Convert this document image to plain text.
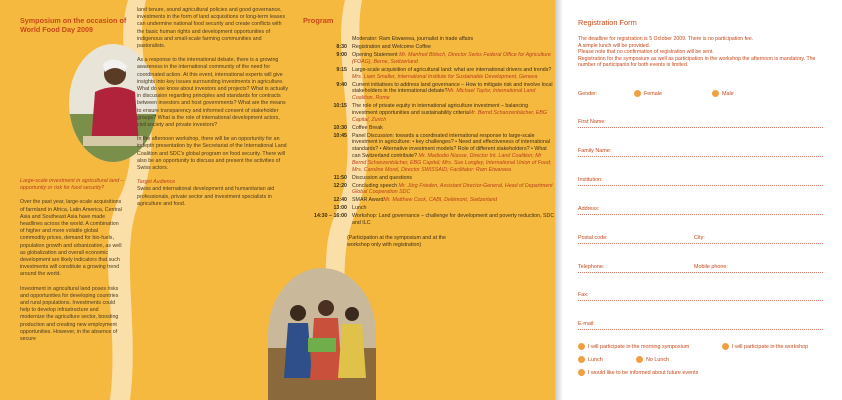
Symposium on the occasion of World Food Day 2009

Large-scale investment in agricultural land – opportunity or risk for food security?

Over the past year, large-scale acquisitions of farmland in Africa, Latin America, Central Asia and Southeast Asia have made headlines across the world. A combination of higher and more volatile global commodity prices, demand for bio-fuels, population growth and urbanization, as well as globalization and overall economic development are likely indicators that such investments will constitute a growing trend around the world.

Investment in agricultural land poses risks and opportunities for developing countries and rural populations. Investments could help to develop infrastructure and modernize the agriculture sector, boosting production and creating new employment opportunities. However, in the absence of secure

land tenure, sound agricultural policies and good governance, investments in the form of land acquisitions or long-term leases can undermine national food security and create conflicts with the basic human rights and development opportunities of indigenous and small-scale farming communities and pastoralists.

As a response to the international debate, there is a growing awareness in the international community of the need for coordinated action. At this event, international experts will give insights into key issues surrounding investments in agriculture. What do we know about investors and projects? What is actually in discussion regarding principles and standards for contracts between investors and host governments? What are the means to ensure transparency and informed consent of stakeholder groups? What is the role of international development actors, civil society and private investors?

In the afternoon workshop, there will be an opportunity for an indepth presentation by the Secretariat of the International Land Coalition and SDC's global program on food security. There will also be an opportunity to discuss and present the activities of Swiss actors.

Target Audience

Swiss and international development and humanitarian aid professionals, private sector and investment specialists in agriculture and food.

Program
Moderator: Ram Etwareea, journalist in trade affairs
8:30 Registration and Welcome Coffee
9:00 Opening Statement Mr. Manfred Bötsch, Director Swiss Federal Office for Agriculture (FOAG), Berne, Switzerland
9:15 Large-scale acquisition of agricultural land: what are international drivers and trends? Mrs. Liam Smaller, International Institute for Sustainable Development, Geneva
9:40 Current initiatives to address land governance – How to mitigate risk and involve local stakeholders in the international debate?Mr. Michael Taylor, International Land Coalition, Rome
10:15 The role of private equity in international agriculture investment – balancing investment opportunities and sustainability criteriaMr. Bernd Schanzenbächer, EBG Capital, Zurich
10:30 Coffee Break
10:45 Panel Discussion: towards a coordinated international response to large-scale investment in agriculture: • key challenges? • Need and effectiveness of international standards? • Alternative investment models? Role of different stakeholders? • What can Switzerland contribute? Mr. Madiodio Niasse, Director Int. Land Coalition; Mr Bernd Schanzenbächer, EBG Capital; Mrs. Sue Longley, International Union of Food; Mrs. Caroline Morel, Director SWISSAID; Facilitator: Ram Etwareea
11:50 Discussion and questions
12:20 Concluding speech Mr. Jörg Frieden, Assistant Director-General, Head of Department Global Cooperation SDC
12:40 SMAR AwardMr. Matthew Cock, CABI, Delémont, Switzerland
13:00 Lunch
14:30 – 16:00 Workshop: Land governance – challenge for development and poverty reduction, SDC and ILC
(Participation at the symposium and at the workshop only with registration)
Registration Form
The deadline for registration is 5 October 2009. There is no participation fee.
A simple lunch will be provided.
Please note that no confirmation of registration will be sent.
Registration for the symposium as well as participation in the workshop the afternoon is mandatory. The number of participants for both events is limited.
Gender:	Female	Male
First Name:
Family Name:
Institution:
Address:
Postal code:	City:
Telephone:	Mobile phone:
Fax:
E-mail:
I will participate in the morning symposium	I will participate in the workshop
Lunch	No Lunch
I would like to be informed about future events
